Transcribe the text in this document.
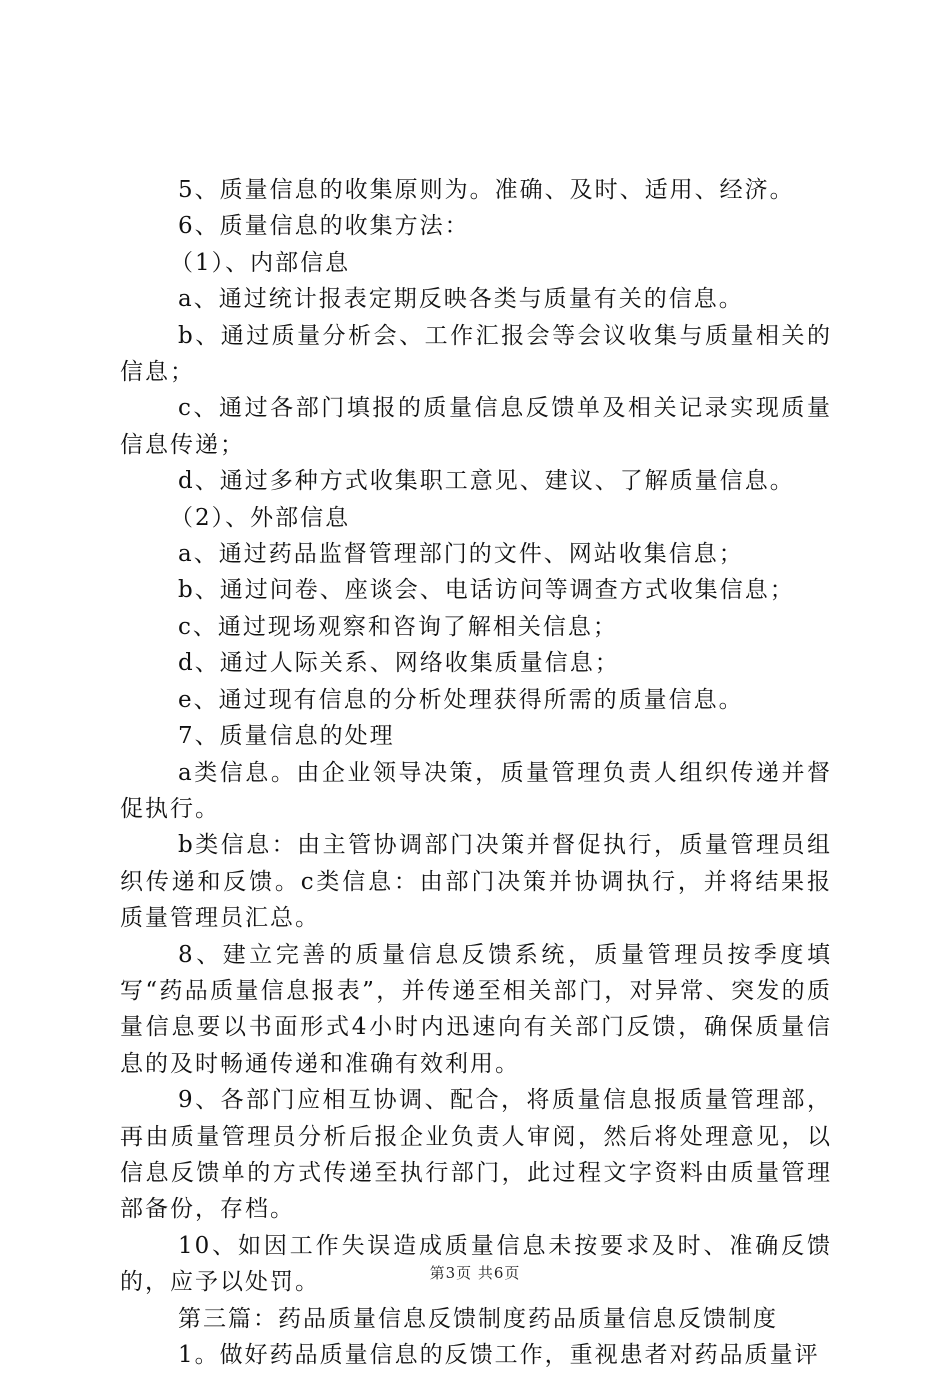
5、质量信息的收集原则为。准确、及时、适用、经济。

6、质量信息的收集方法：

（1）、内部信息

a、通过统计报表定期反映各类与质量有关的信息。

b、通过质量分析会、工作汇报会等会议收集与质量相关的信息；

c、通过各部门填报的质量信息反馈单及相关记录实现质量信息传递；

d、通过多种方式收集职工意见、建议、了解质量信息。

（2）、外部信息

a、通过药品监督管理部门的文件、网站收集信息；

b、通过问卷、座谈会、电话访问等调查方式收集信息；

c、通过现场观察和咨询了解相关信息；

d、通过人际关系、网络收集质量信息；

e、通过现有信息的分析处理获得所需的质量信息。

7、质量信息的处理

a类信息。由企业领导决策，质量管理负责人组织传递并督促执行。

b类信息：由主管协调部门决策并督促执行，质量管理员组织传递和反馈。c类信息：由部门决策并协调执行，并将结果报质量管理员汇总。

8、建立完善的质量信息反馈系统，质量管理员按季度填写“药品质量信息报表”，并传递至相关部门，对异常、突发的质量信息要以书面形式4小时内迅速向有关部门反馈，确保质量信息的及时畅通传递和准确有效利用。

9、各部门应相互协调、配合，将质量信息报质量管理部，再由质量管理员分析后报企业负责人审阅，然后将处理意见，以信息反馈单的方式传递至执行部门，此过程文字资料由质量管理部备份，存档。

10、如因工作失误造成质量信息未按要求及时、准确反馈的，应予以处罚。

第三篇：药品质量信息反馈制度药品质量信息反馈制度

1。做好药品质量信息的反馈工作，重视患者对药品质量评

第3页 共6页
